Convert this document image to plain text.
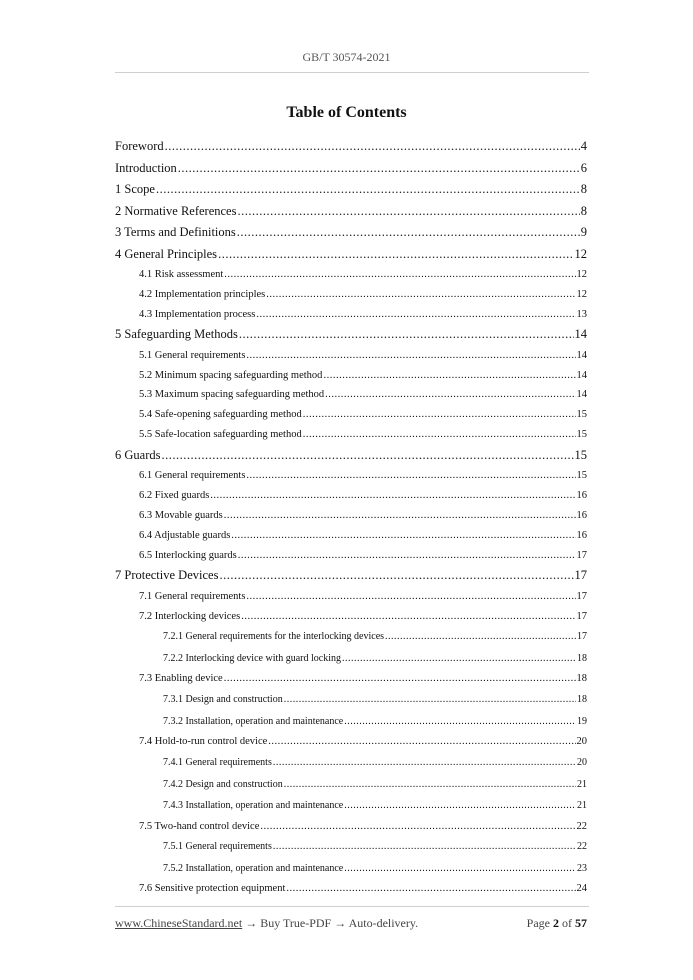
GB/T 30574-2021
Table of Contents
Foreword .....	4
Introduction .....	6
1 Scope .....	8
2 Normative References .....	8
3 Terms and Definitions .....	9
4 General Principles .....	12
4.1 Risk assessment .....	12
4.2 Implementation principles .....	12
4.3 Implementation process .....	13
5 Safeguarding Methods .....	14
5.1 General requirements .....	14
5.2 Minimum spacing safeguarding method .....	14
5.3 Maximum spacing safeguarding method .....	14
5.4 Safe-opening safeguarding method .....	15
5.5 Safe-location safeguarding method .....	15
6 Guards .....	15
6.1 General requirements .....	15
6.2 Fixed guards .....	16
6.3 Movable guards .....	16
6.4 Adjustable guards .....	16
6.5 Interlocking guards .....	17
7 Protective Devices .....	17
7.1 General requirements .....	17
7.2 Interlocking devices .....	17
7.2.1 General requirements for the interlocking devices .....	17
7.2.2 Interlocking device with guard locking .....	18
7.3 Enabling device .....	18
7.3.1 Design and construction .....	18
7.3.2 Installation, operation and maintenance .....	19
7.4 Hold-to-run control device .....	20
7.4.1 General requirements .....	20
7.4.2 Design and construction .....	21
7.4.3 Installation, operation and maintenance .....	21
7.5 Two-hand control device .....	22
7.5.1 General requirements .....	22
7.5.2 Installation, operation and maintenance .....	23
7.6 Sensitive protection equipment .....	24
www.ChineseStandard.net → Buy True-PDF → Auto-delivery.	Page 2 of 57
